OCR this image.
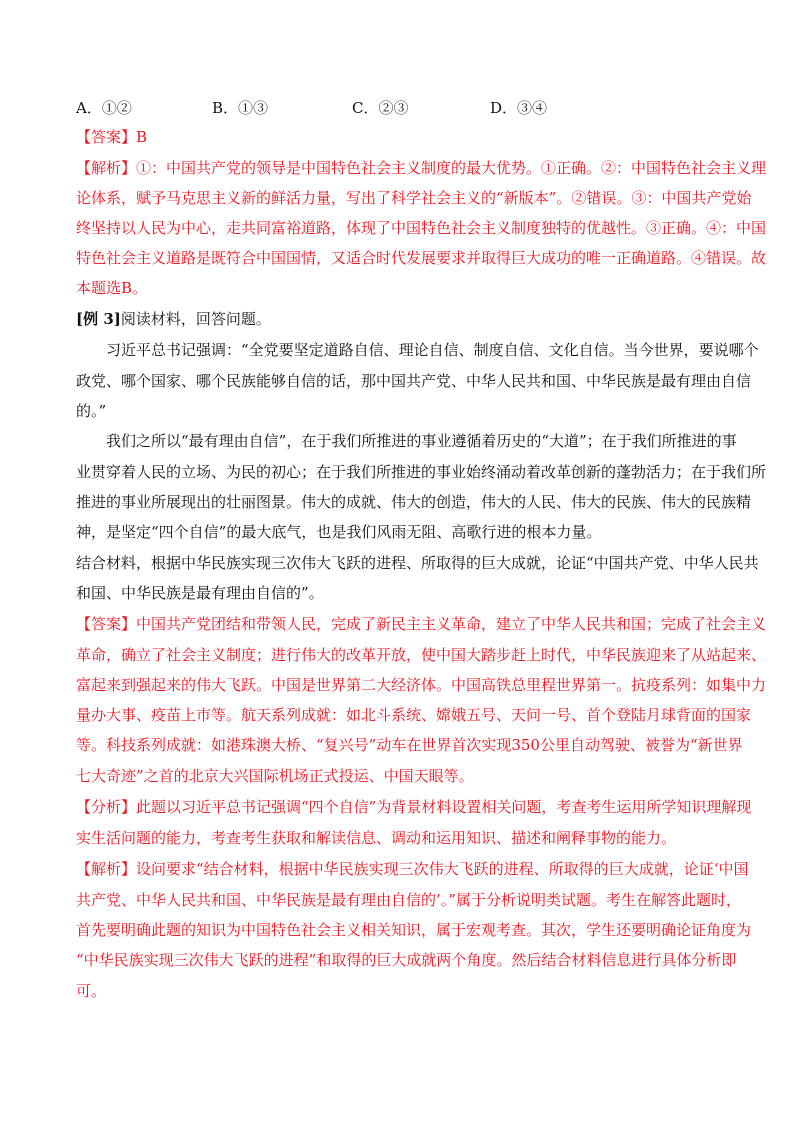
A．①②	B．①③	C．②③	D．③④
【答案】B
【解析】①：中国共产党的领导是中国特色社会主义制度的最大优势。①正确。②：中国特色社会主义理
论体系，赋予马克思主义新的鲜活力量，写出了科学社会主义的“新版本”。②错误。③：中国共产党始
终坚持以人民为中心，走共同富裕道路，体现了中国特色社会主义制度独特的优越性。③正确。④：中国
特色社会主义道路是既符合中国国情，又适合时代发展要求并取得巨大成功的唯一正确道路。④错误。故
本题选B。
[例 3]阅读材料，回答问题。
习近平总书记强调：“全党要坚定道路自信、理论自信、制度自信、文化自信。当今世界，要说哪个
政党、哪个国家、哪个民族能够自信的话，那中国共产党、中华人民共和国、中华民族是最有理由自信
的。”
我们之所以“最有理由自信”，在于我们所推进的事业遵循着历史的“大道”；在于我们所推进的事
业贯穿着人民的立场、为民的初心；在于我们所推进的事业始终涌动着改革创新的蓬勃活力；在于我们所
推进的事业所展现出的壮丽图景。伟大的成就、伟大的创造，伟大的人民、伟大的民族、伟大的民族精
神，是坚定“四个自信”的最大底气，也是我们风雨无阻、高歌行进的根本力量。
结合材料，根据中华民族实现三次伟大飞跃的进程、所取得的巨大成就，论证“中国共产党、中华人民共
和国、中华民族是最有理由自信的”。
【答案】中国共产党团结和带领人民，完成了新民主主义革命，建立了中华人民共和国；完成了社会主义
革命，确立了社会主义制度；进行伟大的改革开放，使中国大踏步赶上时代，中华民族迎来了从站起来、
富起来到强起来的伟大飞跃。中国是世界第二大经济体。中国高铁总里程世界第一。抗疫系列：如集中力
量办大事、疫苗上市等。航天系列成就：如北斗系统、嫦娥五号、天问一号、首个登陆月球背面的国家
等。科技系列成就：如港珠澳大桥、“复兴号”动车在世界首次实现350公里自动驾驶、被誉为“新世界
七大奇迹”之首的北京大兴国际机场正式投运、中国天眼等。
【分析】此题以习近平总书记强调“四个自信”为背景材料设置相关问题，考查考生运用所学知识理解现
实生活问题的能力，考查考生获取和解读信息、调动和运用知识、描述和阐释事物的能力。
【解析】设问要求“结合材料，根据中华民族实现三次伟大飞跃的进程、所取得的巨大成就，论证‘中国
共产党、中华人民共和国、中华民族是最有理由自信的’。”属于分析说明类试题。考生在解答此题时，
首先要明确此题的知识为中国特色社会主义相关知识，属于宏观考查。其次，学生还要明确论证角度为
“中华民族实现三次伟大飞跃的进程”和取得的巨大成就两个角度。然后结合材料信息进行具体分析即
可。
